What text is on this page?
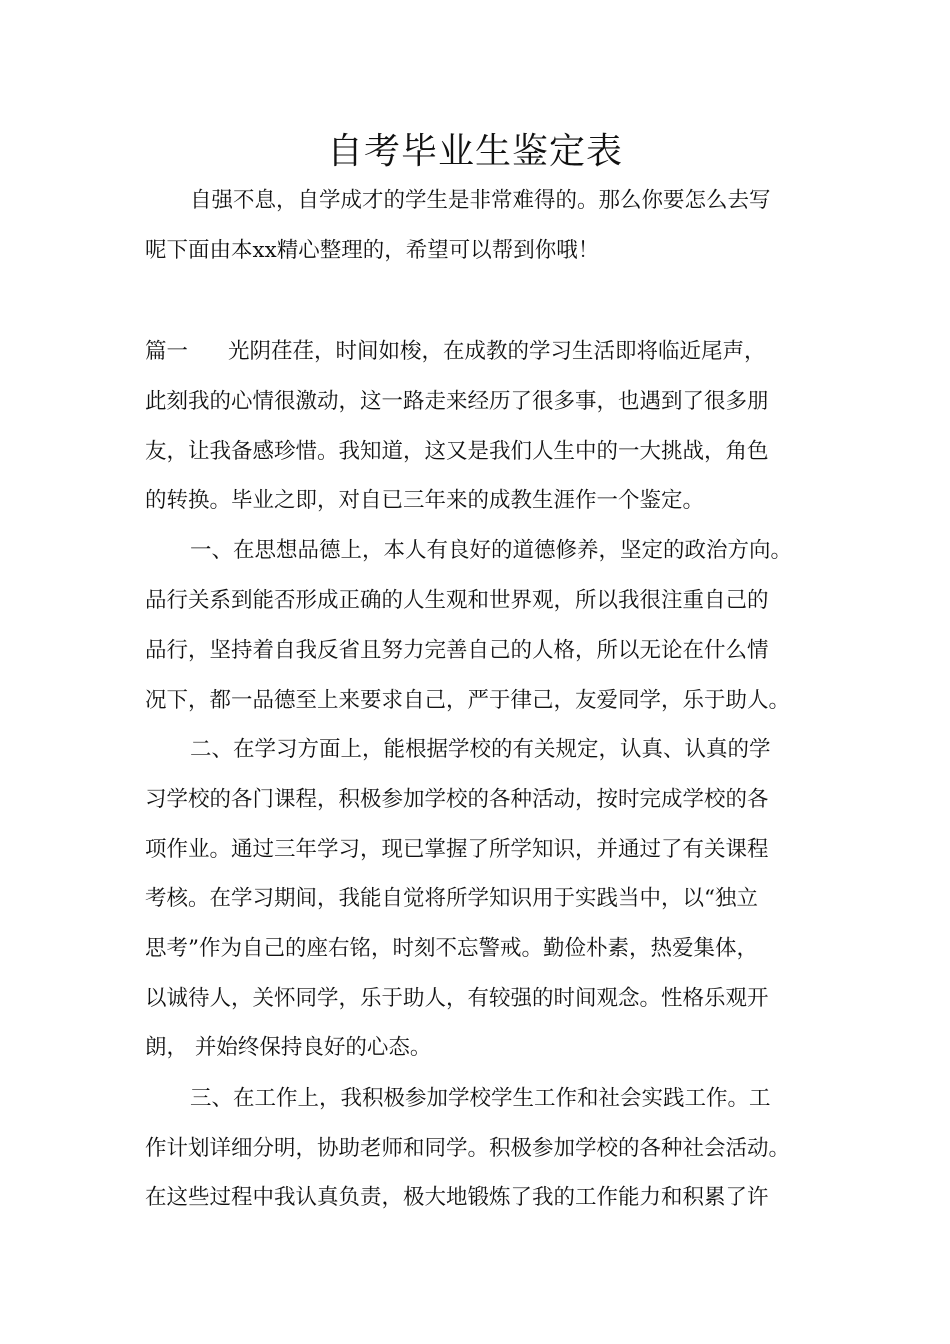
自考毕业生鉴定表

自强不息，自学成才的学生是非常难得的。那么你要怎么去写

呢下面由本xx精心整理的，希望可以帮到你哦！

篇一 光阴荏荏，时间如梭，在成教的学习生活即将临近尾声，

此刻我的心情很激动，这一路走来经历了很多事，也遇到了很多朋

友，让我备感珍惜。我知道，这又是我们人生中的一大挑战，角色

的转换。毕业之即，对自已三年来的成教生涯作一个鉴定。

一、在思想品德上，本人有良好的道德修养，坚定的政治方向。

品行关系到能否形成正确的人生观和世界观，所以我很注重自己的

品行，坚持着自我反省且努力完善自己的人格，所以无论在什么情

况下，都一品德至上来要求自己，严于律己，友爱同学，乐于助人。

二、在学习方面上，能根据学校的有关规定，认真、认真的学

习学校的各门课程，积极参加学校的各种活动，按时完成学校的各

项作业。通过三年学习，现已掌握了所学知识，并通过了有关课程

考核。在学习期间，我能自觉将所学知识用于实践当中，以“独立

思考”作为自己的座右铭，时刻不忘警戒。勤俭朴素，热爱集体，

以诚待人，关怀同学，乐于助人，有较强的时间观念。性格乐观开

朗， 并始终保持良好的心态。

三、在工作上，我积极参加学校学生工作和社会实践工作。工

作计划详细分明，协助老师和同学。积极参加学校的各种社会活动。

在这些过程中我认真负责，极大地锻炼了我的工作能力和积累了许
